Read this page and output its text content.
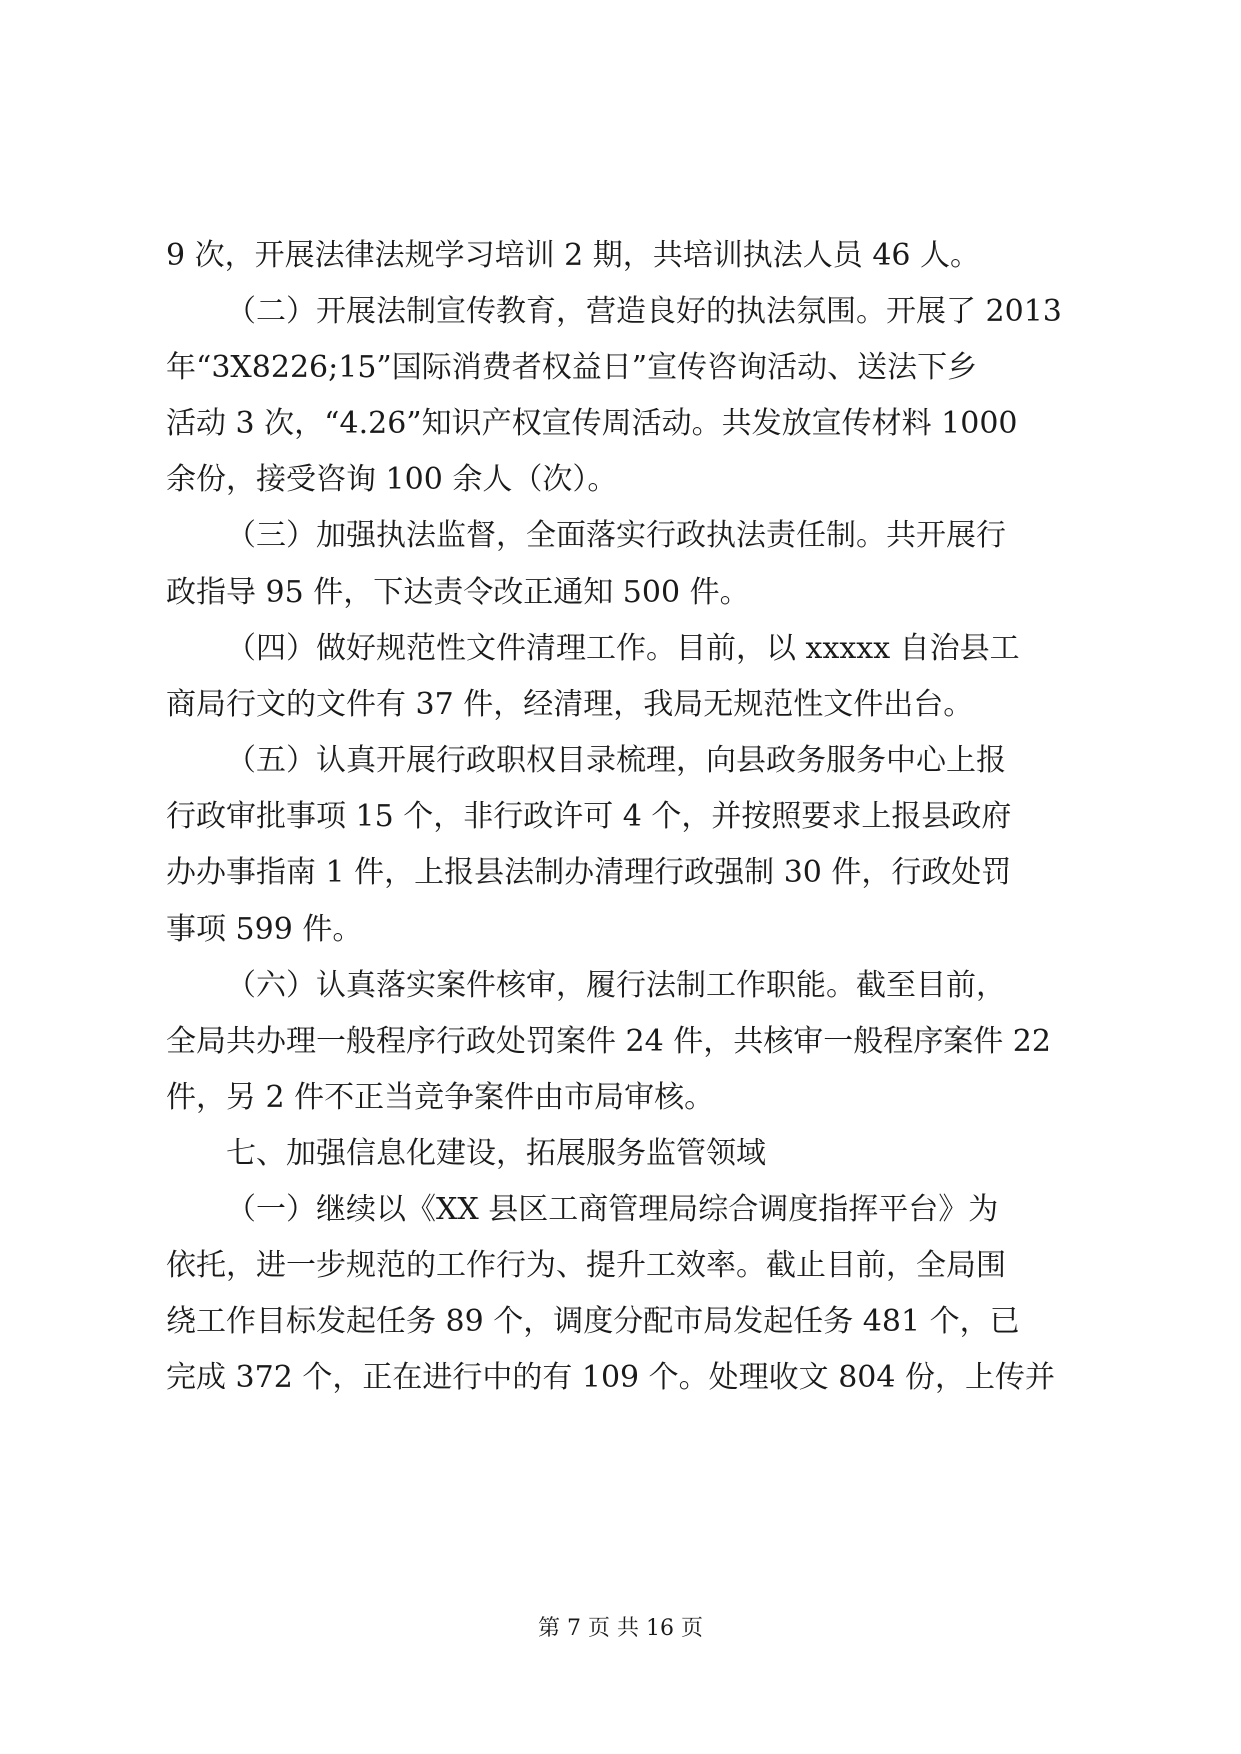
9 次，开展法律法规学习培训 2 期，共培训执法人员 46 人。
（二）开展法制宣传教育，营造良好的执法氛围。开展了 2013
年“3X8226;15”国际消费者权益日”宣传咨询活动、送法下乡
活动 3 次，“4.26”知识产权宣传周活动。共发放宣传材料 1000
余份，接受咨询 100 余人（次）。
（三）加强执法监督，全面落实行政执法责任制。共开展行
政指导 95 件，下达责令改正通知 500 件。
（四）做好规范性文件清理工作。目前，以 xxxxx 自治县工
商局行文的文件有 37 件，经清理，我局无规范性文件出台。
（五）认真开展行政职权目录梳理，向县政务服务中心上报
行政审批事项 15 个，非行政许可 4 个，并按照要求上报县政府
办办事指南 1 件，上报县法制办清理行政强制 30 件，行政处罚
事项 599 件。
（六）认真落实案件核审，履行法制工作职能。截至目前，
全局共办理一般程序行政处罚案件 24 件，共核审一般程序案件 22
件，另 2 件不正当竞争案件由市局审核。
七、加强信息化建设，拓展服务监管领域
（一）继续以《XX 县区工商管理局综合调度指挥平台》为
依托，进一步规范的工作行为、提升工效率。截止目前，全局围
绕工作目标发起任务 89 个，调度分配市局发起任务 481 个，已
完成 372 个，正在进行中的有 109 个。处理收文 804 份，上传并
第 7 页 共 16 页
